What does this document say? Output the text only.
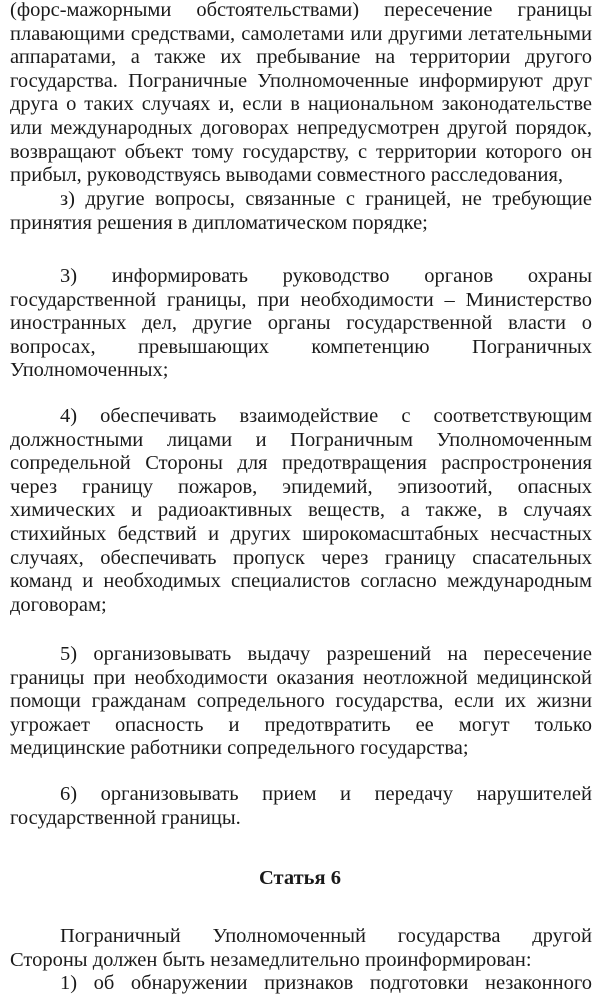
Статья 6
(форс-мажорными обстоятельствами) пересечение границы
плавающими средствами, самолетами или другими летательными
аппаратами, а также их пребывание на территории другого
государства. Пограничные Уполномоченные информируют друг
друга о таких случаях и, если в национальном законодательстве
или международных договорах непредусмотрен другой порядок,
возвращают объект тому государству, с территории которого он
прибыл, руководствуясь выводами совместного расследования,
з) другие вопросы, связанные с границей, не требующие
принятия решения в дипломатическом порядке;
3) информировать руководство органов охраны
государственной границы, при необходимости – Министерство
иностранных дел, другие органы государственной власти о
вопросах, превышающих компетенцию Пограничных
Уполномоченных;
4) обеспечивать взаимодействие с соответствующим
должностными лицами и Пограничным Уполномоченным
сопредельной Стороны для предотвращения распростронения
через границу пожаров, эпидемий, эпизоотий, опасных
химических и радиоактивных веществ, а также, в случаях
стихийных бедствий и других широкомасштабных несчастных
случаях, обеспечивать пропуск через границу спасательных
команд и необходимых специалистов согласно международным
договорам;
5) организовывать выдачу разрешений на пересечение
границы при необходимости оказания неотложной медицинской
помощи гражданам сопредельного государства, если их жизни
угрожает опасность и предотвратить ее могут только
медицинские работники сопредельного государства;
6) организовывать прием и передачу нарушителей
государственной границы.
Пограничный Уполномоченный государства другой
Стороны должен быть незамедлительно проинформирован:
1) об обнаружении признаков подготовки незаконного
